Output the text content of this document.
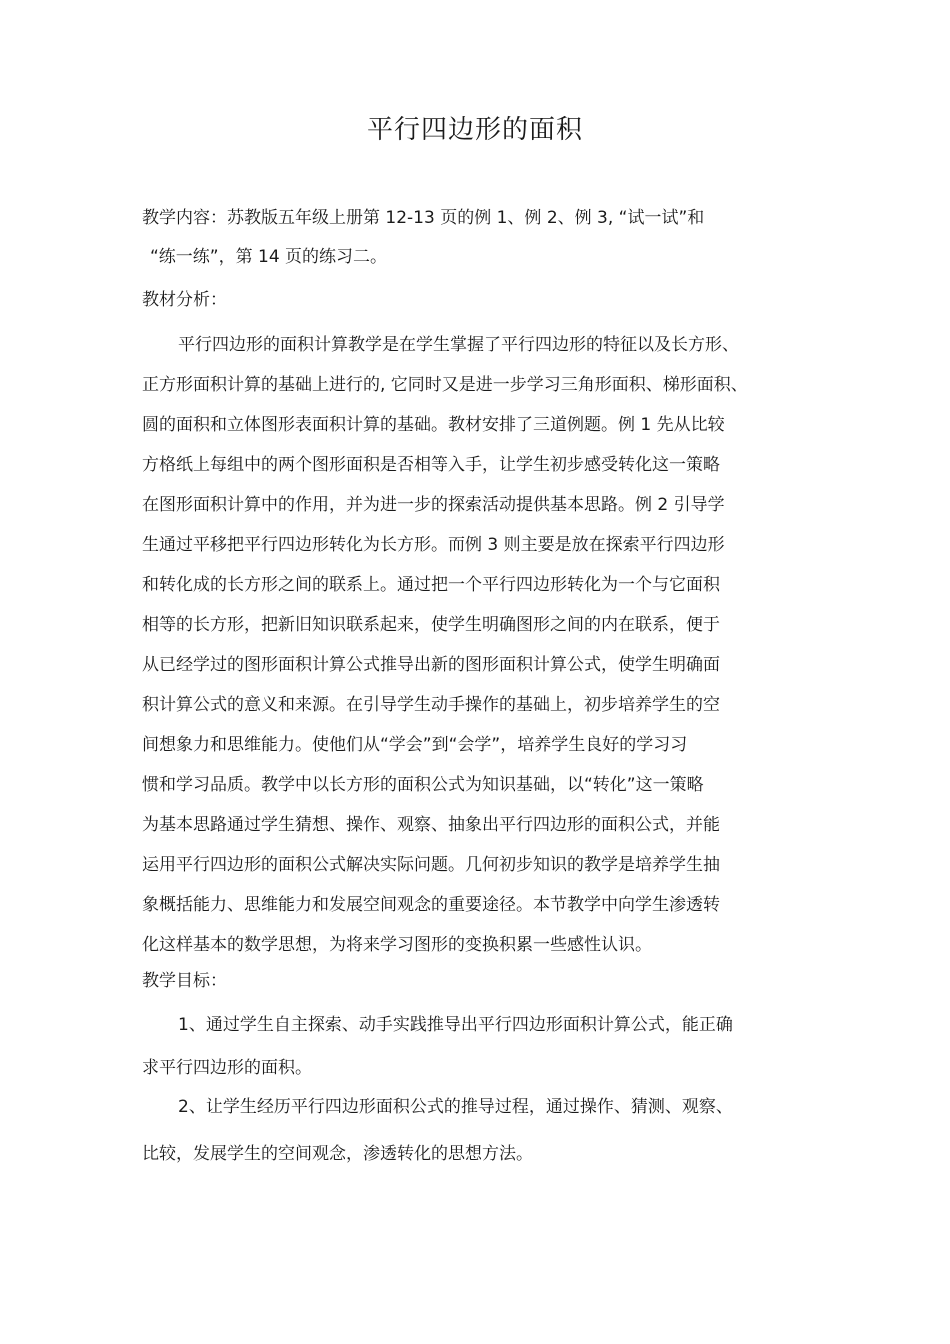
平行四边形的面积
教学内容：苏教版五年级上册第 12-13 页的例 1、例 2、例 3, “试一试”和
“练一练”，第 14 页的练习二。
教材分析：
平行四边形的面积计算教学是在学生掌握了平行四边形的特征以及长方形、
正方形面积计算的基础上进行的, 它同时又是进一步学习三角形面积、梯形面积、
圆的面积和立体图形表面积计算的基础。教材安排了三道例题。例 1 先从比较
方格纸上每组中的两个图形面积是否相等入手，让学生初步感受转化这一策略
在图形面积计算中的作用，并为进一步的探索活动提供基本思路。例 2 引导学
生通过平移把平行四边形转化为长方形。而例 3 则主要是放在探索平行四边形
和转化成的长方形之间的联系上。通过把一个平行四边形转化为一个与它面积
相等的长方形，把新旧知识联系起来，使学生明确图形之间的内在联系，便于
从已经学过的图形面积计算公式推导出新的图形面积计算公式，使学生明确面
积计算公式的意义和来源。在引导学生动手操作的基础上，初步培养学生的空
间想象力和思维能力。使他们从“学会”到“会学”，培养学生良好的学习习
惯和学习品质。教学中以长方形的面积公式为知识基础，以“转化”这一策略
为基本思路通过学生猜想、操作、观察、抽象出平行四边形的面积公式，并能
运用平行四边形的面积公式解决实际问题。几何初步知识的教学是培养学生抽
象概括能力、思维能力和发展空间观念的重要途径。本节教学中向学生渗透转
化这样基本的数学思想，为将来学习图形的变换积累一些感性认识。
教学目标：
1、通过学生自主探索、动手实践推导出平行四边形面积计算公式，能正确
求平行四边形的面积。
2、让学生经历平行四边形面积公式的推导过程，通过操作、猜测、观察、
比较，发展学生的空间观念，渗透转化的思想方法。
